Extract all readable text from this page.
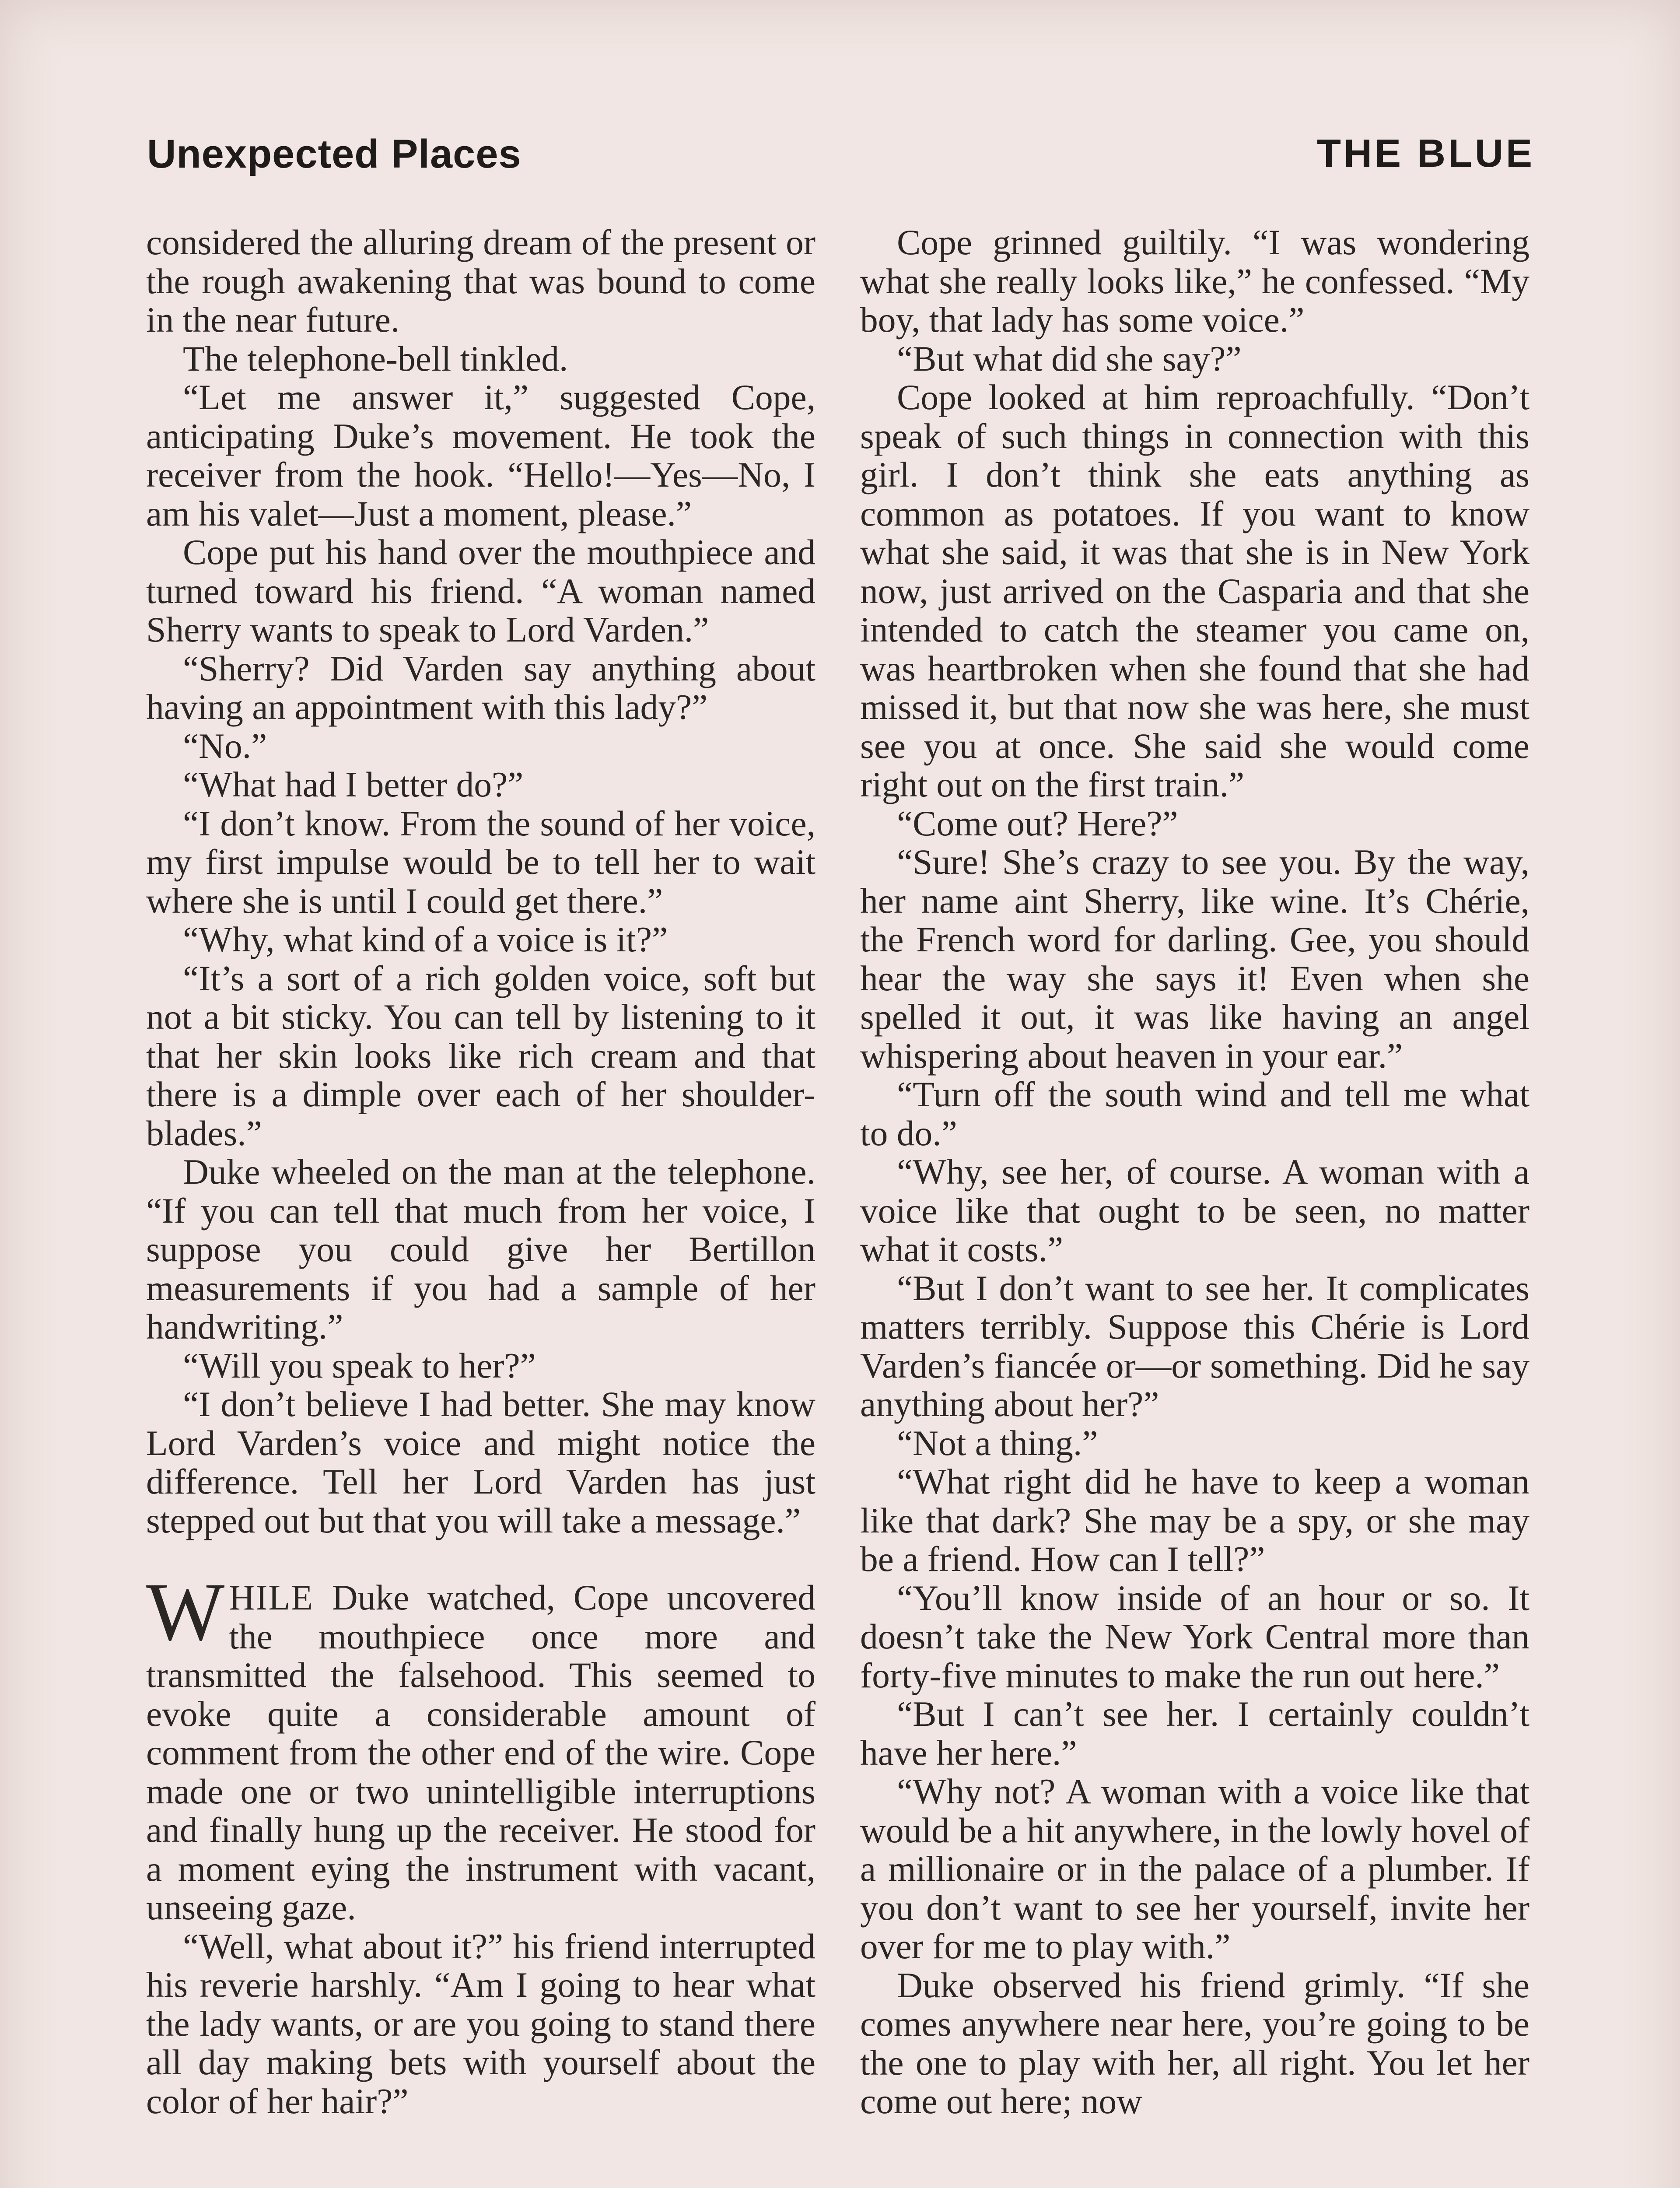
Unexpected Places	THE BLUE

considered the alluring dream of the present or the rough awakening that was bound to come in the near future.

The telephone-bell tinkled.

“Let me answer it,” suggested Cope, anticipating Duke’s movement. He took the receiver from the hook. “Hello!—Yes—No, I am his valet—Just a moment, please.”

Cope put his hand over the mouthpiece and turned toward his friend. “A woman named Sherry wants to speak to Lord Varden.”

“Sherry? Did Varden say anything about having an appointment with this lady?”

“No.”

“What had I better do?”

“I don’t know. From the sound of her voice, my first impulse would be to tell her to wait where she is until I could get there.”

“Why, what kind of a voice is it?”

“It’s a sort of a rich golden voice, soft but not a bit sticky. You can tell by listening to it that her skin looks like rich cream and that there is a dimple over each of her shoulder-blades.”

Duke wheeled on the man at the telephone. “If you can tell that much from her voice, I suppose you could give her Bertillon measurements if you had a sample of her handwriting.”

“Will you speak to her?”

“I don’t believe I had better. She may know Lord Varden’s voice and might notice the difference. Tell her Lord Varden has just stepped out but that you will take a message.”

WHILE Duke watched, Cope uncovered the mouthpiece once more and transmitted the falsehood. This seemed to evoke quite a considerable amount of comment from the other end of the wire. Cope made one or two unintelligible interruptions and finally hung up the receiver. He stood for a moment eying the instrument with vacant, unseeing gaze.

“Well, what about it?” his friend interrupted his reverie harshly. “Am I going to hear what the lady wants, or are you going to stand there all day making bets with yourself about the color of her hair?”

Cope grinned guiltily. “I was wondering what she really looks like,” he confessed. “My boy, that lady has some voice.”

“But what did she say?”

Cope looked at him reproachfully. “Don’t speak of such things in connection with this girl. I don’t think she eats anything as common as potatoes. If you want to know what she said, it was that she is in New York now, just arrived on the Casparia and that she intended to catch the steamer you came on, was heartbroken when she found that she had missed it, but that now she was here, she must see you at once. She said she would come right out on the first train.”

“Come out? Here?”

“Sure! She’s crazy to see you. By the way, her name aint Sherry, like wine. It’s Chérie, the French word for darling. Gee, you should hear the way she says it! Even when she spelled it out, it was like having an angel whispering about heaven in your ear.”

“Turn off the south wind and tell me what to do.”

“Why, see her, of course. A woman with a voice like that ought to be seen, no matter what it costs.”

“But I don’t want to see her. It complicates matters terribly. Suppose this Chérie is Lord Varden’s fiancée or—or something. Did he say anything about her?”

“Not a thing.”

“What right did he have to keep a woman like that dark? She may be a spy, or she may be a friend. How can I tell?”

“You’ll know inside of an hour or so. It doesn’t take the New York Central more than forty-five minutes to make the run out here.”

“But I can’t see her. I certainly couldn’t have her here.”

“Why not? A woman with a voice like that would be a hit anywhere, in the lowly hovel of a millionaire or in the palace of a plumber. If you don’t want to see her yourself, invite her over for me to play with.”

Duke observed his friend grimly. “If she comes anywhere near here, you’re going to be the one to play with her, all right. You let her come out here; now
